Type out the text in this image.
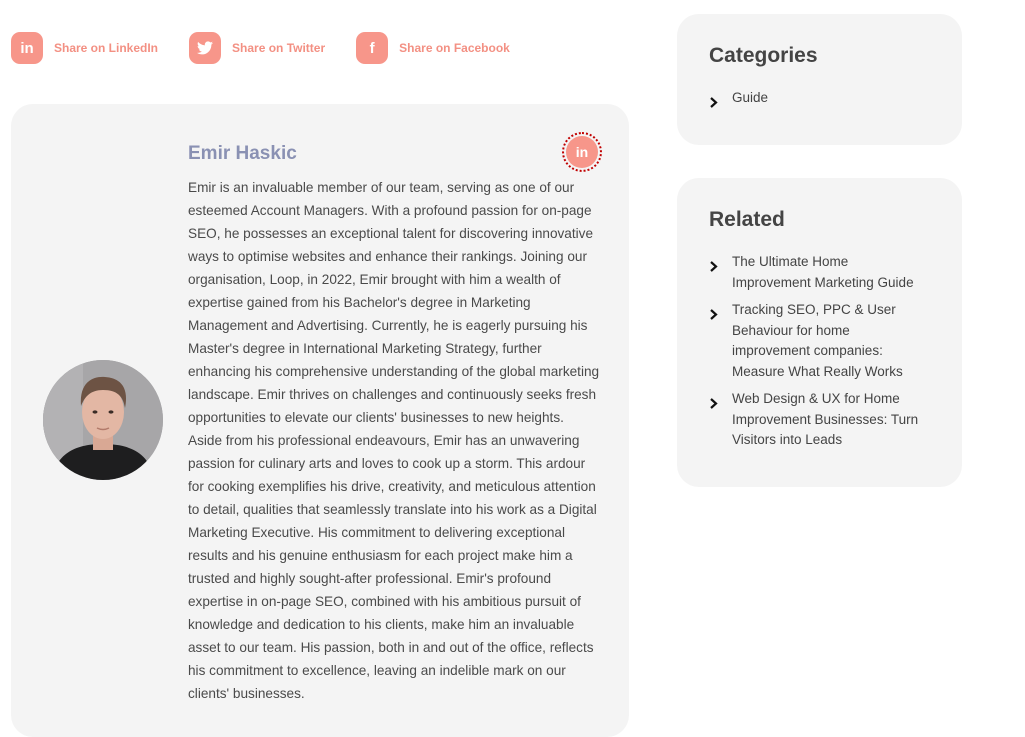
in	Share on LinkedIn	Share on Twitter	f	Share on Facebook
Emir Haskic	in

Emir is an invaluable member of our team, serving as one of our esteemed Account Managers. With a profound passion for on-page SEO, he possesses an exceptional talent for discovering innovative ways to optimise websites and enhance their rankings. Joining our organisation, Loop, in 2022, Emir brought with him a wealth of expertise gained from his Bachelor's degree in Marketing Management and Advertising. Currently, he is eagerly pursuing his Master's degree in International Marketing Strategy, further enhancing his comprehensive understanding of the global marketing landscape. Emir thrives on challenges and continuously seeks fresh opportunities to elevate our clients' businesses to new heights. Aside from his professional endeavours, Emir has an unwavering passion for culinary arts and loves to cook up a storm. This ardour for cooking exemplifies his drive, creativity, and meticulous attention to detail, qualities that seamlessly translate into his work as a Digital Marketing Executive. His commitment to delivering exceptional results and his genuine enthusiasm for each project make him a trusted and highly sought-after professional. Emir's profound expertise in on-page SEO, combined with his ambitious pursuit of knowledge and dedication to his clients, make him an invaluable asset to our team. His passion, both in and out of the office, reflects his commitment to excellence, leaving an indelible mark on our clients' businesses.

Categories
Guide
Related
The Ultimate Home Improvement Marketing Guide
Tracking SEO, PPC & User Behaviour for home improvement companies: Measure What Really Works
Web Design & UX for Home Improvement Businesses: Turn Visitors into Leads
